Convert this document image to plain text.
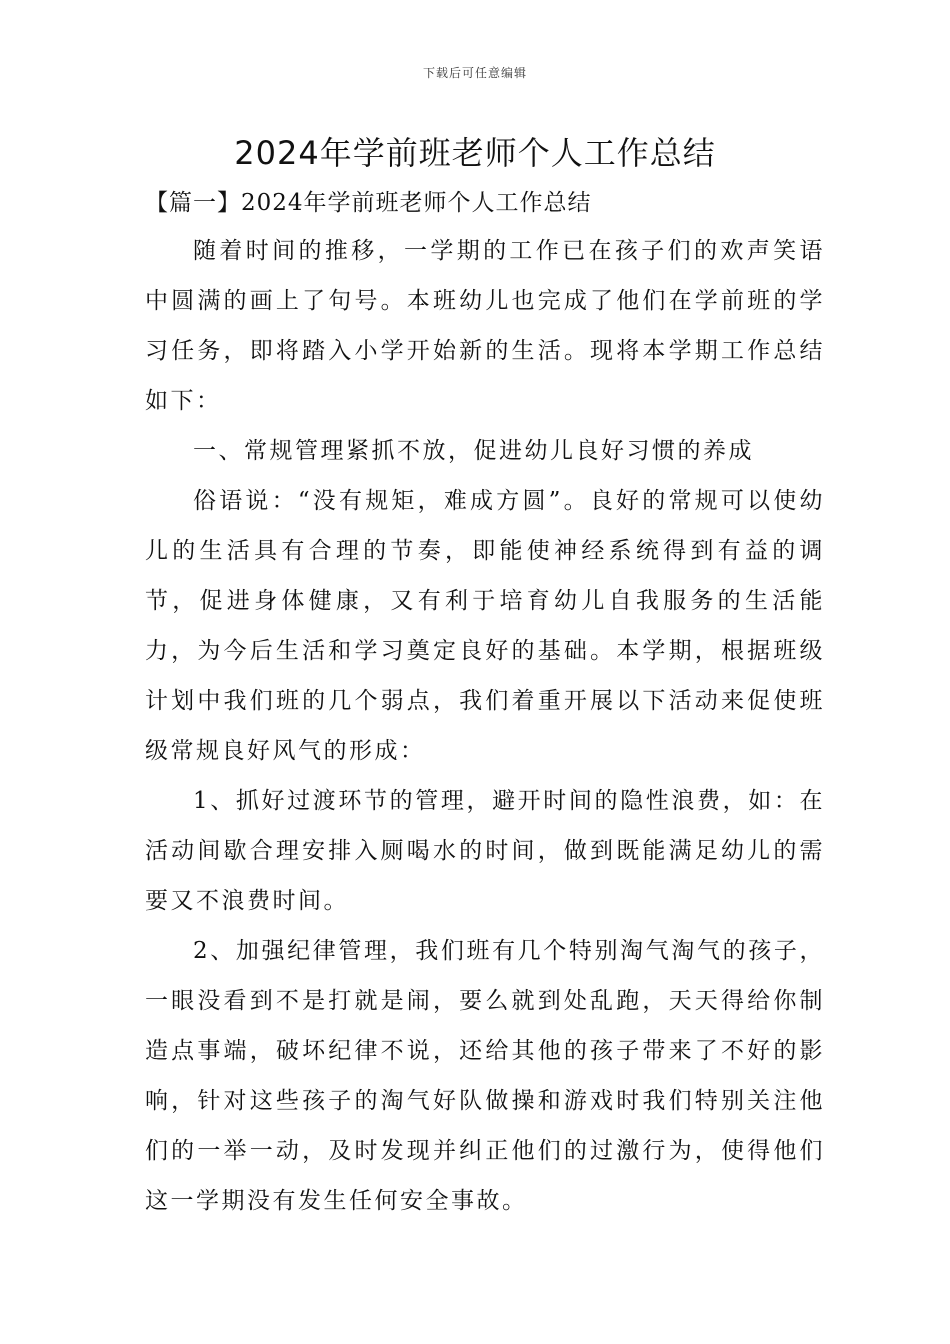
下载后可任意编辑
2024年学前班老师个人工作总结
【篇一】2024年学前班老师个人工作总结

随着时间的推移，一学期的工作已在孩子们的欢声笑语中圆满的画上了句号。本班幼儿也完成了他们在学前班的学习任务，即将踏入小学开始新的生活。现将本学期工作总结如下：

一、常规管理紧抓不放，促进幼儿良好习惯的养成

俗语说：“没有规矩，难成方圆”。良好的常规可以使幼儿的生活具有合理的节奏，即能使神经系统得到有益的调节，促进身体健康，又有利于培育幼儿自我服务的生活能力，为今后生活和学习奠定良好的基础。本学期，根据班级计划中我们班的几个弱点，我们着重开展以下活动来促使班级常规良好风气的形成：

1、抓好过渡环节的管理，避开时间的隐性浪费，如：在活动间歇合理安排入厕喝水的时间，做到既能满足幼儿的需要又不浪费时间。

2、加强纪律管理，我们班有几个特别淘气淘气的孩子，一眼没看到不是打就是闹，要么就到处乱跑，天天得给你制造点事端，破坏纪律不说，还给其他的孩子带来了不好的影响，针对这些孩子的淘气好队做操和游戏时我们特别关注他们的一举一动，及时发现并纠正他们的过激行为，使得他们这一学期没有发生任何安全事故。
